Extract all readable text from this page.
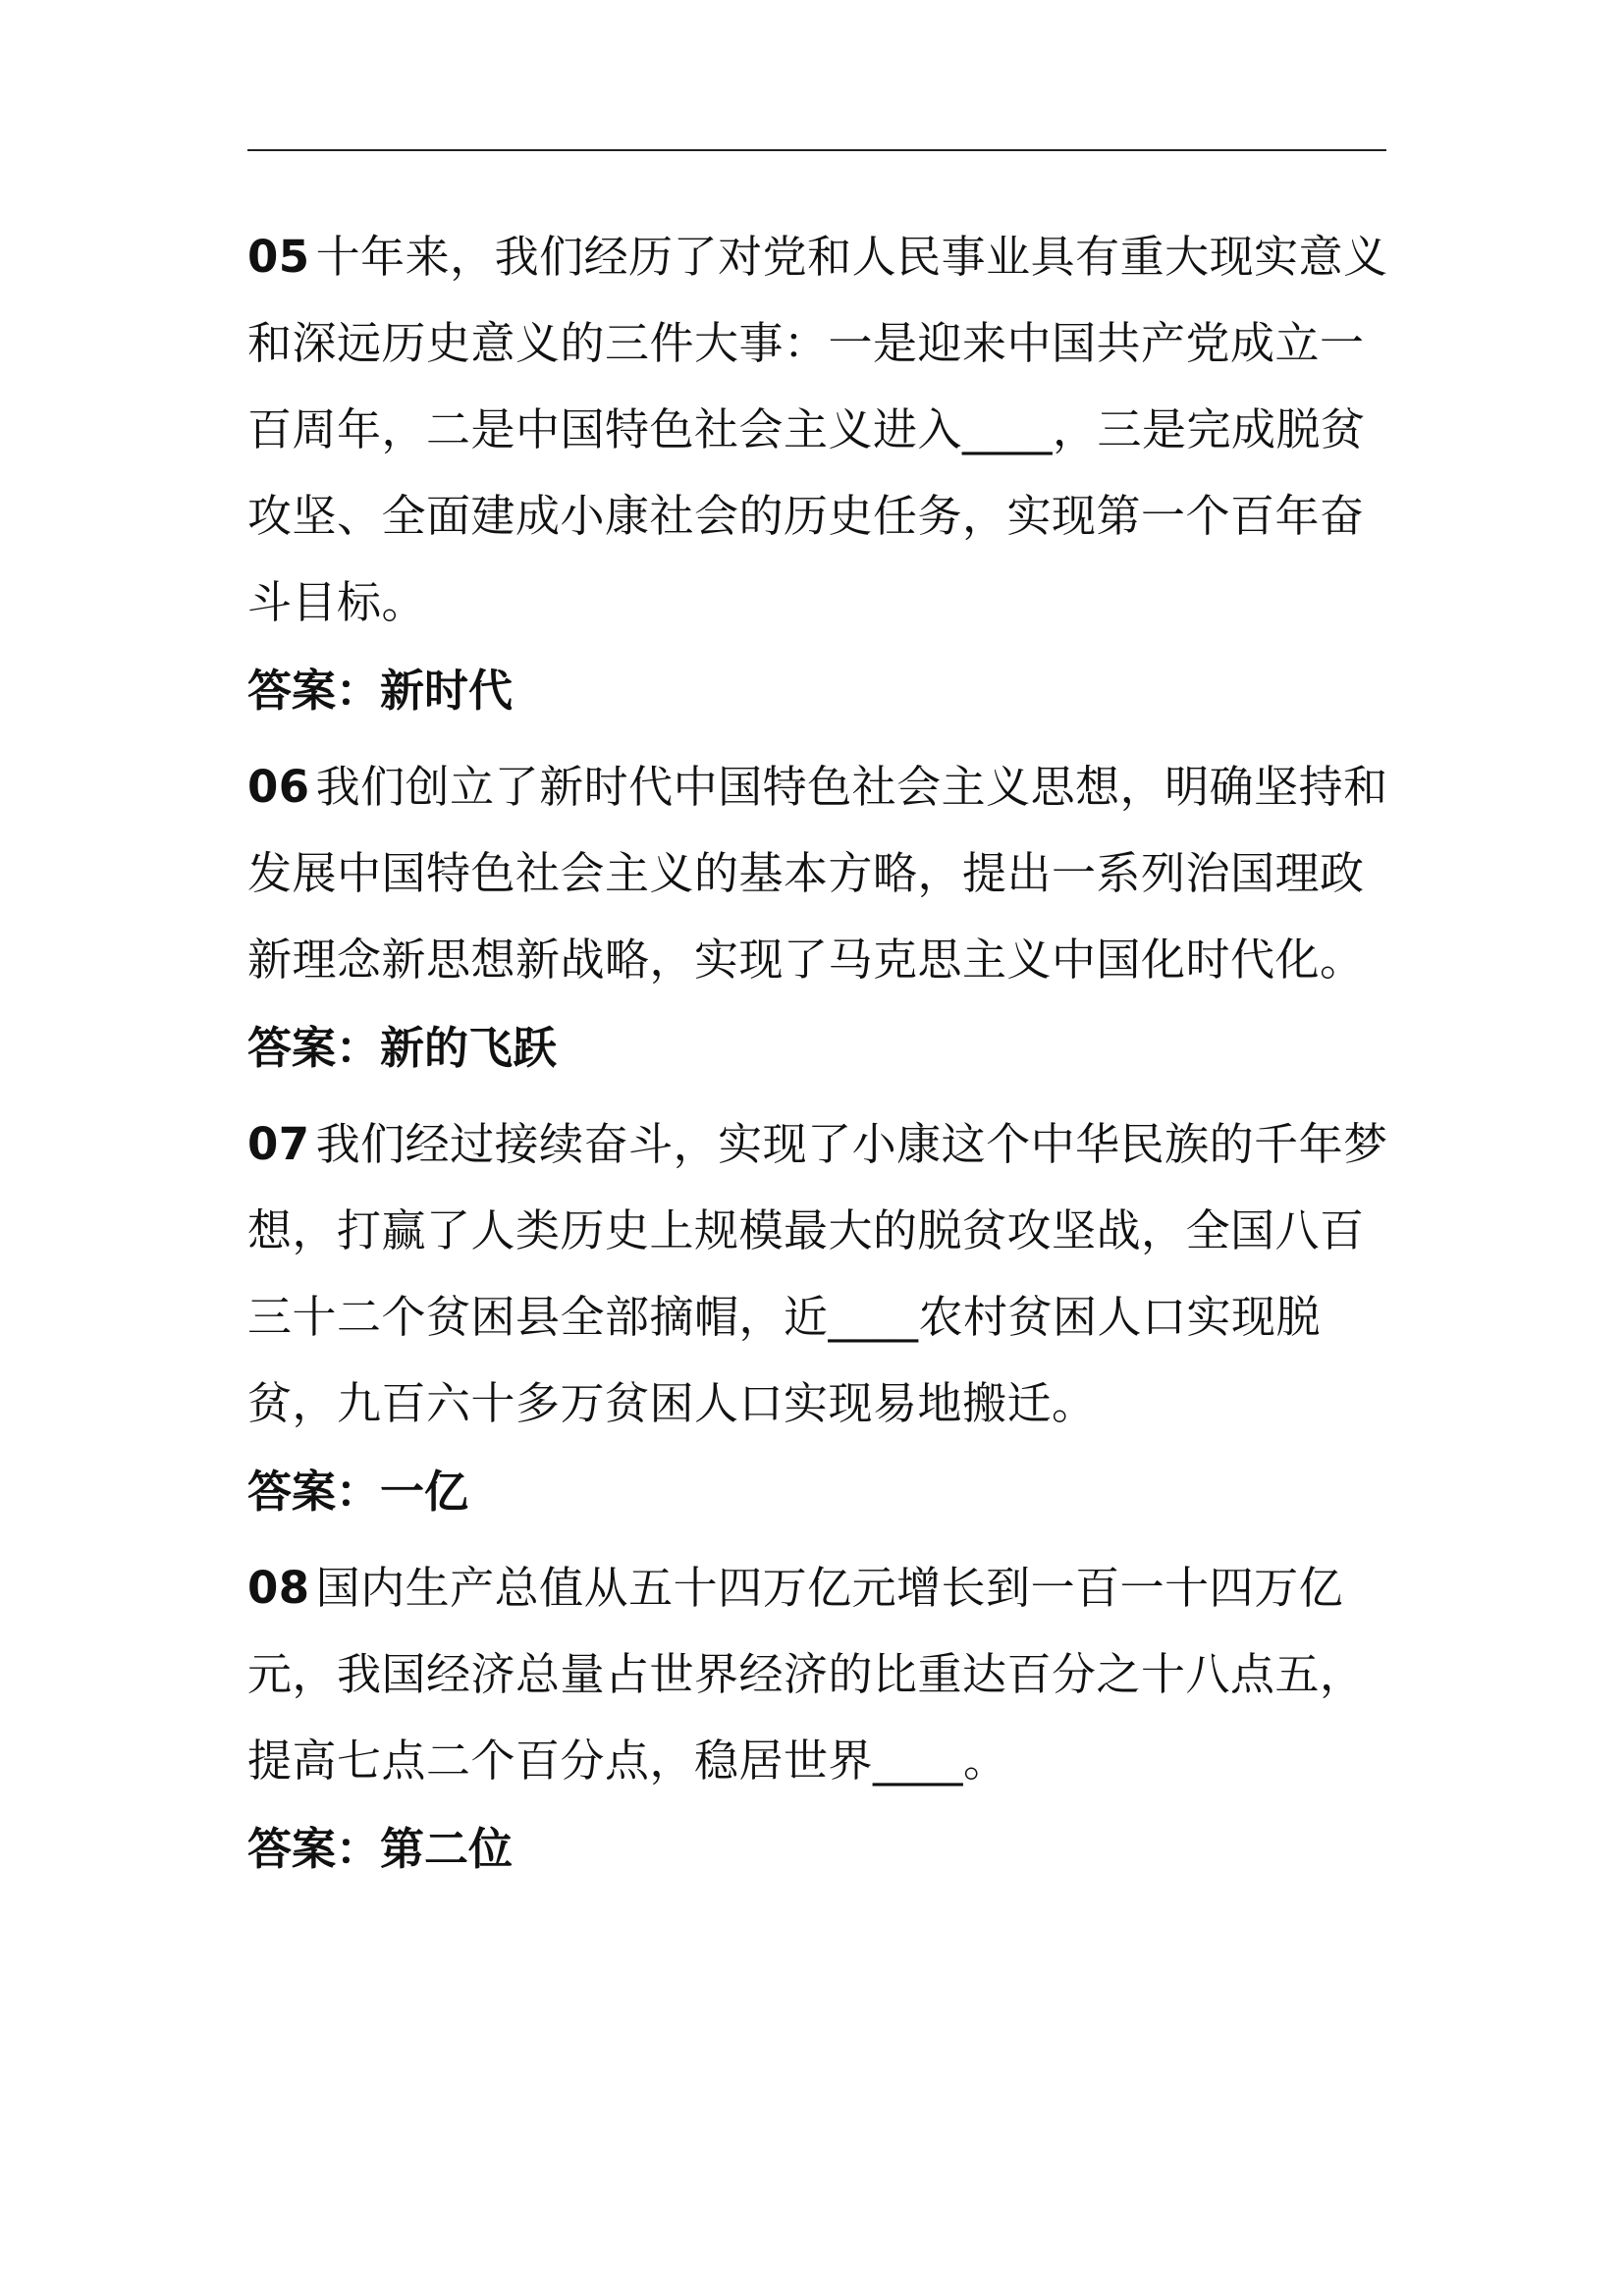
05 十年来，我们经历了对党和人民事业具有重大现实意义和深远历史意义的三件大事：一是迎来中国共产党成立一百周年，二是中国特色社会主义进入____，三是完成脱贫攻坚、全面建成小康社会的历史任务，实现第一个百年奋斗目标。

答案：新时代

06 我们创立了新时代中国特色社会主义思想，明确坚持和发展中国特色社会主义的基本方略，提出一系列治国理政新理念新思想新战略，实现了马克思主义中国化时代化。

答案：新的飞跃

07 我们经过接续奋斗，实现了小康这个中华民族的千年梦想，打赢了人类历史上规模最大的脱贫攻坚战，全国八百三十二个贫困县全部摘帽，近____农村贫困人口实现脱贫，九百六十多万贫困人口实现易地搬迁。

答案：一亿

08 国内生产总值从五十四万亿元增长到一百一十四万亿元，我国经济总量占世界经济的比重达百分之十八点五，提高七点二个百分点，稳居世界____。

答案：第二位
